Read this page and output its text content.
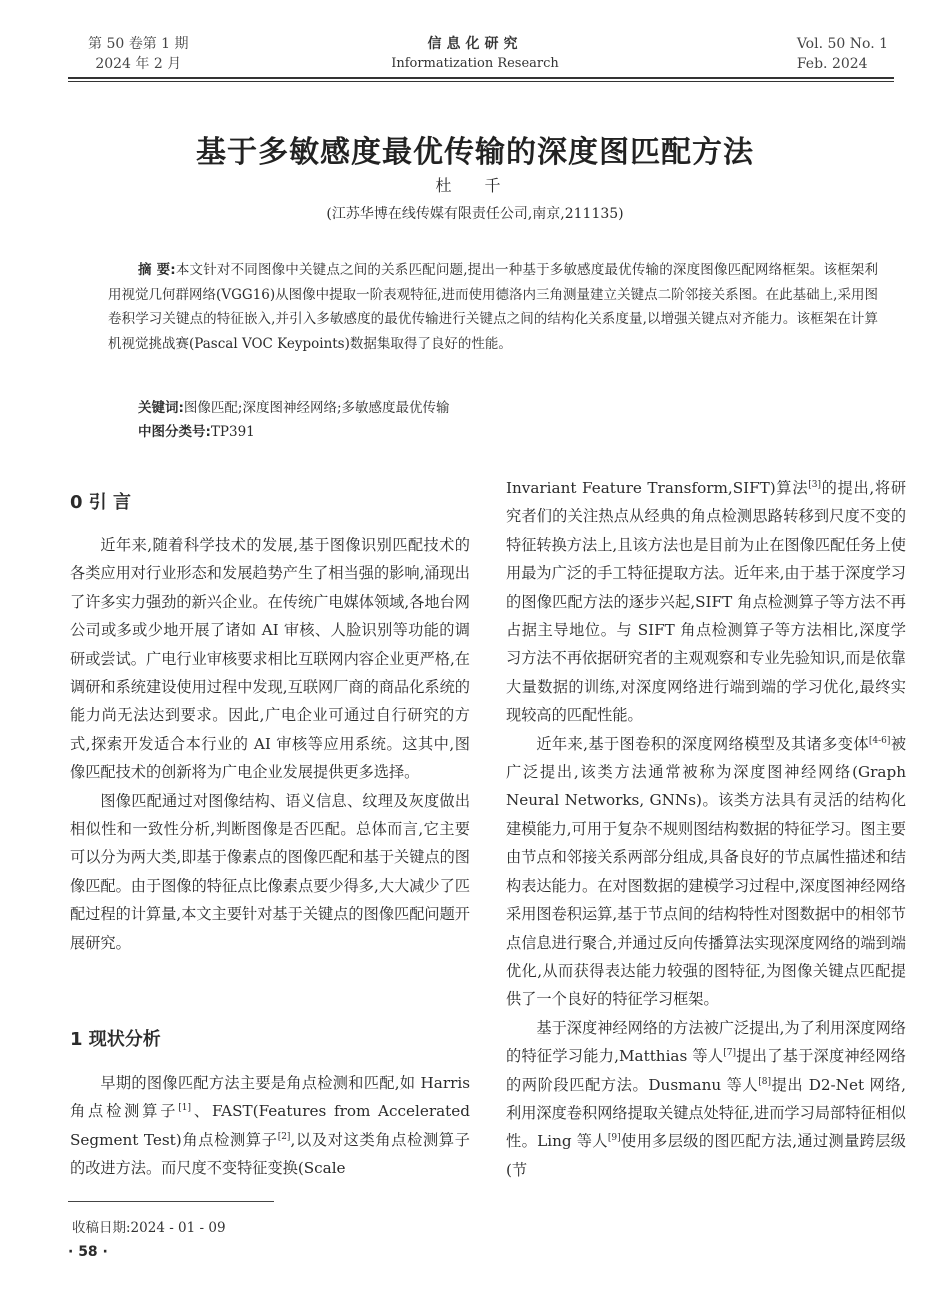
第 50 卷第 1 期
2024 年 2 月
信息化研究
Informatization Research
Vol. 50 No. 1
Feb. 2024
基于多敏感度最优传输的深度图匹配方法
杜 千
(江苏华博在线传媒有限责任公司,南京,211135)
摘 要:本文针对不同图像中关键点之间的关系匹配问题,提出一种基于多敏感度最优传输的深度图像匹配网络框架。该框架利用视觉几何群网络(VGG16)从图像中提取一阶表观特征,进而使用德洛内三角测量建立关键点二阶邻接关系图。在此基础上,采用图卷积学习关键点的特征嵌入,并引入多敏感度的最优传输进行关键点之间的结构化关系度量,以增强关键点对齐能力。该框架在计算机视觉挑战赛(Pascal VOC Keypoints)数据集取得了良好的性能。
关键词:图像匹配;深度图神经网络;多敏感度最优传输
中图分类号:TP391
0 引 言

近年来,随着科学技术的发展,基于图像识别匹配技术的各类应用对行业形态和发展趋势产生了相当强的影响,涌现出了许多实力强劲的新兴企业。在传统广电媒体领域,各地台网公司或多或少地开展了诸如 AI 审核、人脸识别等功能的调研或尝试。广电行业审核要求相比互联网内容企业更严格,在调研和系统建设使用过程中发现,互联网厂商的商品化系统的能力尚无法达到要求。因此,广电企业可通过自行研究的方式,探索开发适合本行业的 AI 审核等应用系统。这其中,图像匹配技术的创新将为广电企业发展提供更多选择。

图像匹配通过对图像结构、语义信息、纹理及灰度做出相似性和一致性分析,判断图像是否匹配。总体而言,它主要可以分为两大类,即基于像素点的图像匹配和基于关键点的图像匹配。由于图像的特征点比像素点要少得多,大大减少了匹配过程的计算量,本文主要针对基于关键点的图像匹配问题开展研究。

1 现状分析

早期的图像匹配方法主要是角点检测和匹配,如 Harris 角点检测算子[1]、FAST(Features from Accelerated Segment Test)角点检测算子[2],以及对这类角点检测算子的改进方法。而尺度不变特征变换(Scale

Invariant Feature Transform,SIFT)算法[3]的提出,将研究者们的关注热点从经典的角点检测思路转移到尺度不变的特征转换方法上,且该方法也是目前为止在图像匹配任务上使用最为广泛的手工特征提取方法。近年来,由于基于深度学习的图像匹配方法的逐步兴起,SIFT 角点检测算子等方法不再占据主导地位。与 SIFT 角点检测算子等方法相比,深度学习方法不再依据研究者的主观观察和专业先验知识,而是依靠大量数据的训练,对深度网络进行端到端的学习优化,最终实现较高的匹配性能。

近年来,基于图卷积的深度网络模型及其诸多变体[4-6]被广泛提出,该类方法通常被称为深度图神经网络(Graph Neural Networks, GNNs)。该类方法具有灵活的结构化建模能力,可用于复杂不规则图结构数据的特征学习。图主要由节点和邻接关系两部分组成,具备良好的节点属性描述和结构表达能力。在对图数据的建模学习过程中,深度图神经网络采用图卷积运算,基于节点间的结构特性对图数据中的相邻节点信息进行聚合,并通过反向传播算法实现深度网络的端到端优化,从而获得表达能力较强的图特征,为图像关键点匹配提供了一个良好的特征学习框架。

基于深度神经网络的方法被广泛提出,为了利用深度网络的特征学习能力,Matthias 等人[7]提出了基于深度神经网络的两阶段匹配方法。Dusmanu 等人[8]提出 D2-Net 网络,利用深度卷积网络提取关键点处特征,进而学习局部特征相似性。Ling 等人[9]使用多层级的图匹配方法,通过测量跨层级(节

收稿日期:2024 - 01 - 09
· 58 ·
